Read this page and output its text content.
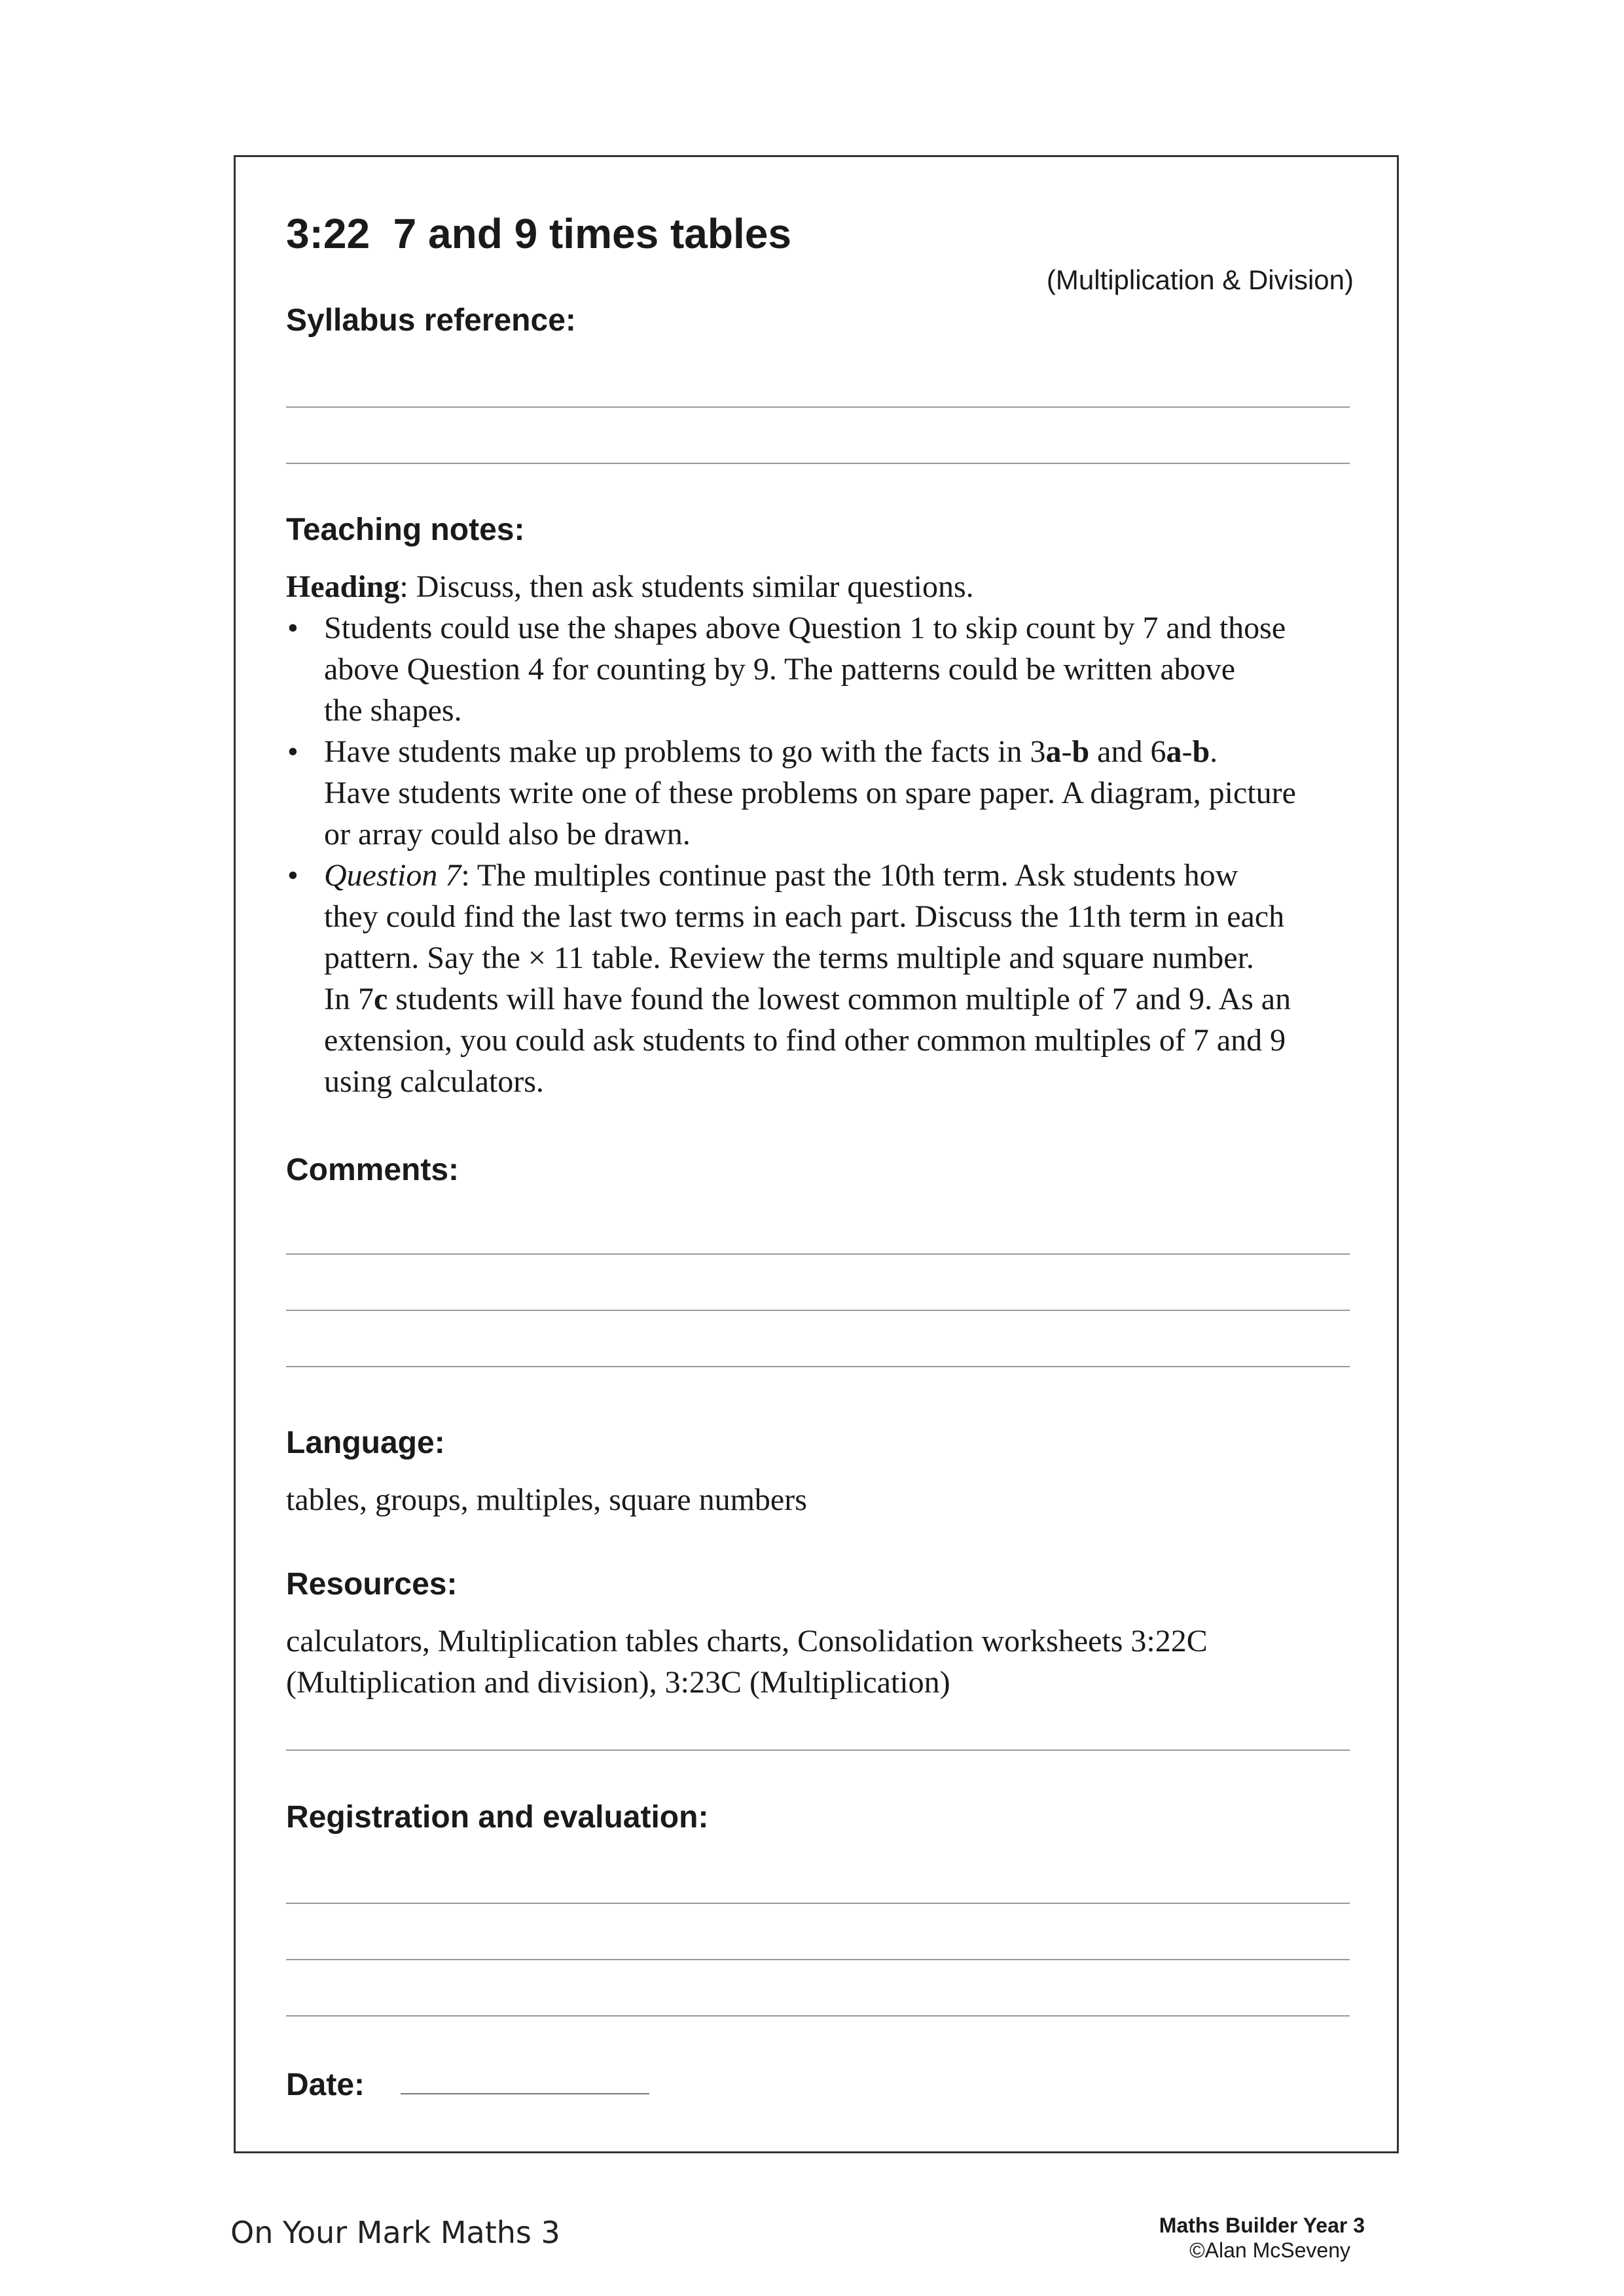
3:22 7 and 9 times tables
(Multiplication & Division)
Syllabus reference:
Teaching notes:

Heading: Discuss, then ask students similar questions.

• Students could use the shapes above Question 1 to skip count by 7 and those
above Question 4 for counting by 9. The patterns could be written above
the shapes.
• Have students make up problems to go with the facts in 3a-b and 6a-b.
Have students write one of these problems on spare paper. A diagram, picture
or array could also be drawn.
• Question 7: The multiples continue past the 10th term. Ask students how
they could find the last two terms in each part. Discuss the 11th term in each
pattern. Say the × 11 table. Review the terms multiple and square number.
In 7c students will have found the lowest common multiple of 7 and 9. As an
extension, you could ask students to find other common multiples of 7 and 9
using calculators.
Comments:
Language:
tables, groups, multiples, square numbers
Resources:
calculators, Multiplication tables charts, Consolidation worksheets 3:22C
(Multiplication and division), 3:23C (Multiplication)
Registration and evaluation:
Date:
On Your Mark Maths 3	Maths Builder Year 3
©Alan McSeveny
